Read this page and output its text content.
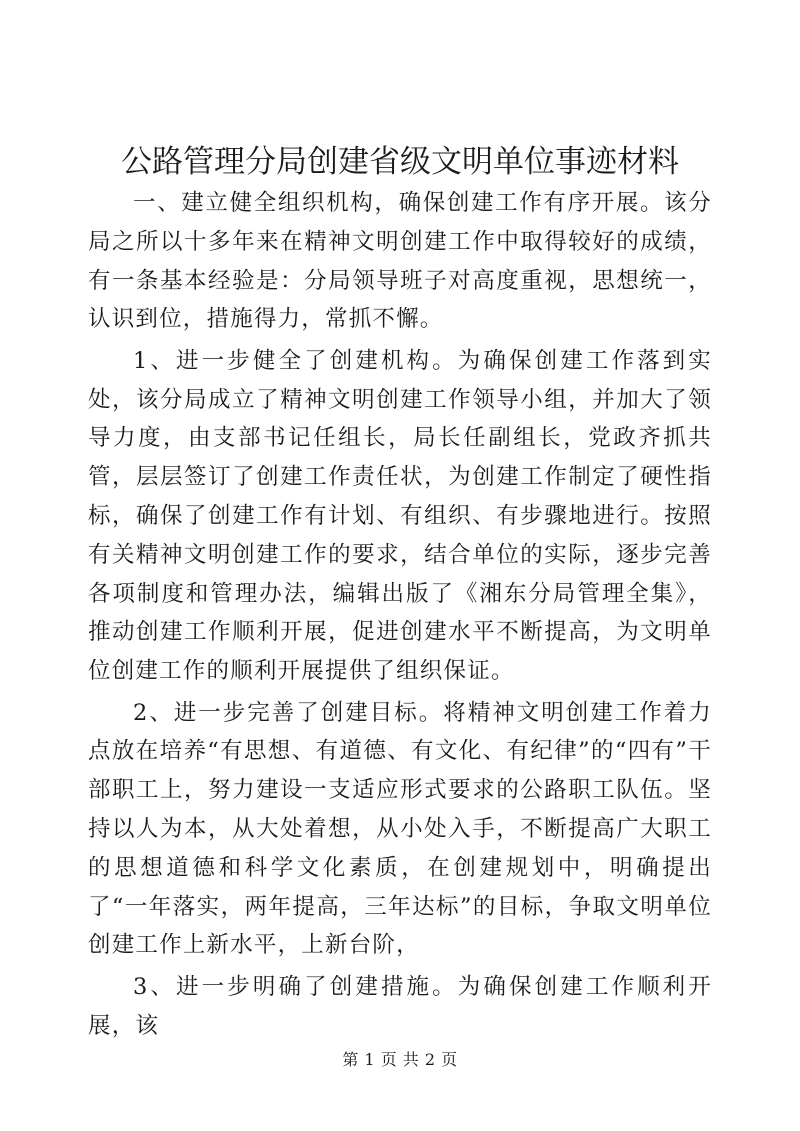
公路管理分局创建省级文明单位事迹材料

一、建立健全组织机构，确保创建工作有序开展。该分局之所以十多年来在精神文明创建工作中取得较好的成绩，有一条基本经验是：分局领导班子对高度重视，思想统一，认识到位，措施得力，常抓不懈。

1、进一步健全了创建机构。为确保创建工作落到实处，该分局成立了精神文明创建工作领导小组，并加大了领导力度，由支部书记任组长，局长任副组长，党政齐抓共管，层层签订了创建工作责任状，为创建工作制定了硬性指标，确保了创建工作有计划、有组织、有步骤地进行。按照有关精神文明创建工作的要求，结合单位的实际，逐步完善各项制度和管理办法，编辑出版了《湘东分局管理全集》，推动创建工作顺利开展，促进创建水平不断提高，为文明单位创建工作的顺利开展提供了组织保证。

2、进一步完善了创建目标。将精神文明创建工作着力点放在培养“有思想、有道德、有文化、有纪律”的“四有”干部职工上，努力建设一支适应形式要求的公路职工队伍。坚持以人为本，从大处着想，从小处入手，不断提高广大职工的思想道德和科学文化素质，在创建规划中，明确提出了“一年落实，两年提高，三年达标”的目标，争取文明单位创建工作上新水平，上新台阶，

3、进一步明确了创建措施。为确保创建工作顺利开展，该

第 1 页 共 2 页
